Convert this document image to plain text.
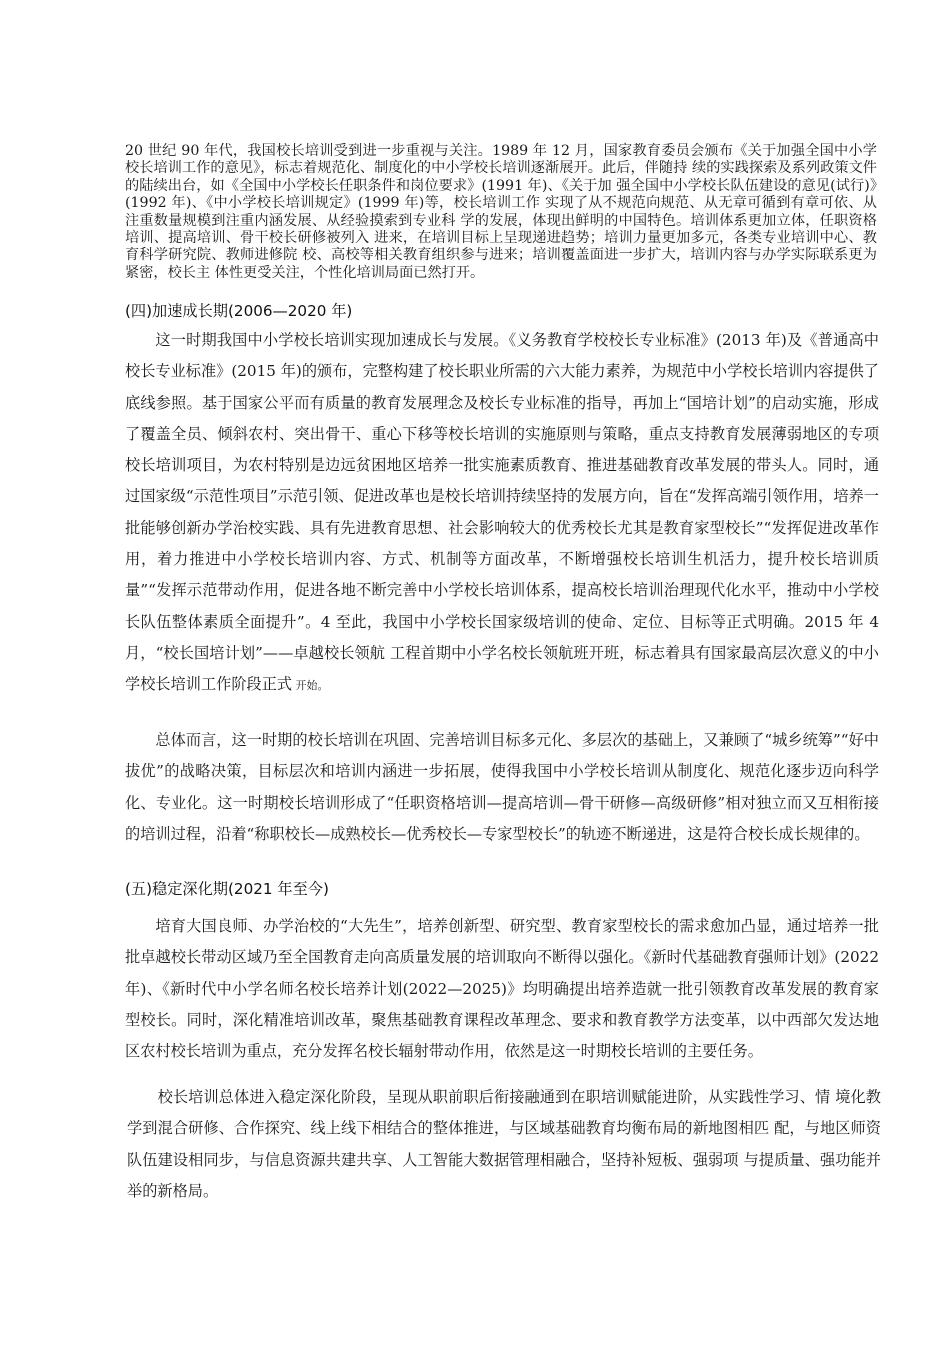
20 世纪 90 年代，我国校长培训受到进一步重视与关注。1989 年 12 月，国家教育委员会颁布《关于加强全国中小学校长培训工作的意见》，标志着规范化、制度化的中小学校长培训逐渐展开。此后，伴随持 续的实践探索及系列政策文件的陆续出台，如《全国中小学校长任职条件和岗位要求》(1991 年)、《关于加 强全国中小学校长队伍建设的意见(试行)》(1992 年)、《中小学校长培训规定》(1999 年)等，校长培训工作 实现了从不规范向规范、从无章可循到有章可依、从注重数量规模到注重内涵发展、从经验摸索到专业科 学的发展，体现出鲜明的中国特色。培训体系更加立体，任职资格培训、提高培训、骨干校长研修被列入 进来，在培训目标上呈现递进趋势；培训力量更加多元，各类专业培训中心、教育科学研究院、教师进修院 校、高校等相关教育组织参与进来；培训覆盖面进一步扩大，培训内容与办学实际联系更为紧密，校长主 体性更受关注，个性化培训局面已然打开。

(四)加速成长期(2006—2020 年)

这一时期我国中小学校长培训实现加速成长与发展。《义务教育学校校长专业标准》(2013 年)及《普通高中校长专业标准》(2015 年)的颁布，完整构建了校长职业所需的六大能力素养，为规范中小学校长培训内容提供了底线参照。基于国家公平而有质量的教育发展理念及校长专业标准的指导，再加上“国培计划”的启动实施，形成了覆盖全员、倾斜农村、突出骨干、重心下移等校长培训的实施原则与策略，重点支持教育发展薄弱地区的专项校长培训项目，为农村特别是边远贫困地区培养一批实施素质教育、推进基础教育改革发展的带头人。同时，通过国家级“示范性项目”示范引领、促进改革也是校长培训持续坚持的发展方向，旨在“发挥高端引领作用，培养一批能够创新办学治校实践、具有先进教育思想、社会影响较大的优秀校长尤其是教育家型校长”“发挥促进改革作用，着力推进中小学校长培训内容、方式、机制等方面改革，不断增强校长培训生机活力，提升校长培训质量”“发挥示范带动作用，促进各地不断完善中小学校长培训体系，提高校长培训治理现代化水平，推动中小学校长队伍整体素质全面提升”。4 至此，我国中小学校长国家级培训的使命、定位、目标等正式明确。2015 年 4 月，“校长国培计划”——卓越校长领航 工程首期中小学名校长领航班开班，标志着具有国家最高层次意义的中小学校长培训工作阶段正式 开始。

总体而言，这一时期的校长培训在巩固、完善培训目标多元化、多层次的基础上，又兼顾了“城乡统筹”“好中拔优”的战略决策，目标层次和培训内涵进一步拓展，使得我国中小学校长培训从制度化、规范化逐步迈向科学化、专业化。这一时期校长培训形成了“任职资格培训—提高培训—骨干研修—高级研修”相对独立而又互相衔接的培训过程，沿着“称职校长—成熟校长—优秀校长—专家型校长”的轨迹不断递进，这是符合校长成长规律的。

(五)稳定深化期(2021 年至今)

培育大国良师、办学治校的“大先生”，培养创新型、研究型、教育家型校长的需求愈加凸显，通过培养一批批卓越校长带动区域乃至全国教育走向高质量发展的培训取向不断得以强化。《新时代基础教育强师计划》(2022 年)、《新时代中小学名师名校长培养计划(2022—2025)》均明确提出培养造就一批引领教育改革发展的教育家型校长。同时，深化精准培训改革，聚焦基础教育课程改革理念、要求和教育教学方法变革，以中西部欠发达地区农村校长培训为重点，充分发挥名校长辐射带动作用，依然是这一时期校长培训的主要任务。

　　校长培训总体进入稳定深化阶段，呈现从职前职后衔接融通到在职培训赋能进阶，从实践性学习、情 境化教学到混合研修、合作探究、线上线下相结合的整体推进，与区域基础教育均衡布局的新地图相匹 配，与地区师资队伍建设相同步，与信息资源共建共享、人工智能大数据管理相融合，坚持补短板、强弱项 与提质量、强功能并举的新格局。
